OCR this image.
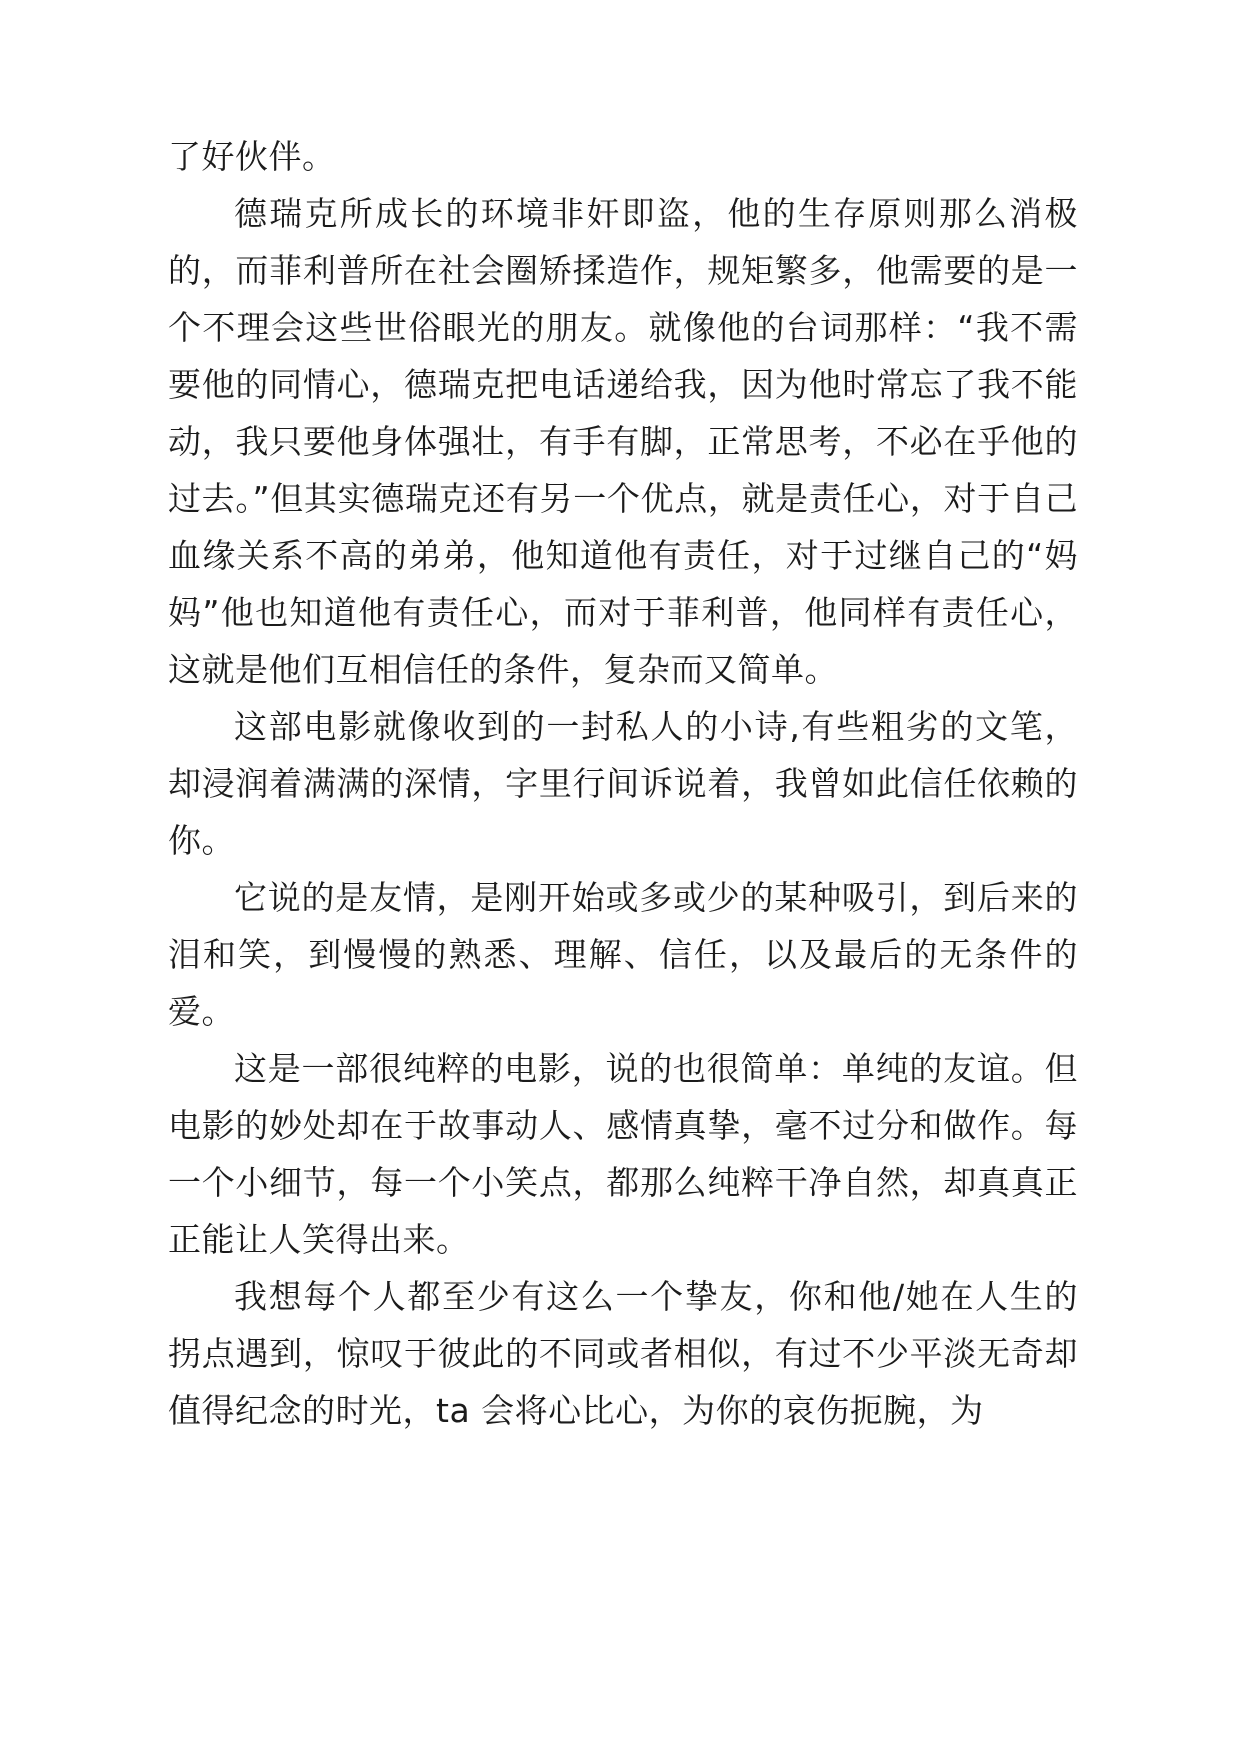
了好伙伴。

德瑞克所成长的环境非奸即盗，他的生存原则那么消极的，而菲利普所在社会圈矫揉造作，规矩繁多，他需要的是一个不理会这些世俗眼光的朋友。就像他的台词那样：“我不需要他的同情心，德瑞克把电话递给我，因为他时常忘了我不能动，我只要他身体强壮，有手有脚，正常思考，不必在乎他的过去。”但其实德瑞克还有另一个优点，就是责任心，对于自己血缘关系不高的弟弟，他知道他有责任，对于过继自己的“妈妈”他也知道他有责任心，而对于菲利普，他同样有责任心，这就是他们互相信任的条件，复杂而又简单。

这部电影就像收到的一封私人的小诗,有些粗劣的文笔，却浸润着满满的深情，字里行间诉说着，我曾如此信任依赖的你。

它说的是友情，是刚开始或多或少的某种吸引，到后来的泪和笑，到慢慢的熟悉、理解、信任，以及最后的无条件的爱。

这是一部很纯粹的电影，说的也很简单：单纯的友谊。但电影的妙处却在于故事动人、感情真挚，毫不过分和做作。每一个小细节，每一个小笑点，都那么纯粹干净自然，却真真正正能让人笑得出来。

我想每个人都至少有这么一个挚友，你和他/她在人生的拐点遇到，惊叹于彼此的不同或者相似，有过不少平淡无奇却值得纪念的时光，ta 会将心比心，为你的哀伤扼腕，为
